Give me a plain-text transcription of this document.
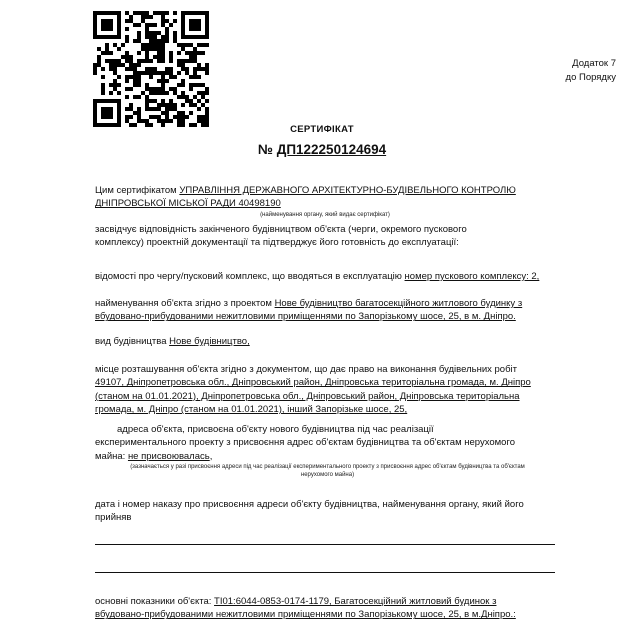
Додаток 7
до Порядку
СЕРТИФІКАТ
№ ДП122250124694
Цим сертифікатом УПРАВЛІННЯ ДЕРЖАВНОГО АРХІТЕКТУРНО-БУДІВЕЛЬНОГО КОНТРОЛЮ
ДНІПРОВСЬКОЇ МІСЬКОЇ РАДИ 40498190
(найменування органу, який видає сертифікат)
засвідчує відповідність закінченого будівництвом об'єкта (черги, окремого пускового
комплексу) проектній документації та підтверджує його готовність до експлуатації:
відомості про чергу/пусковий комплекс, що вводяться в експлуатацію номер пускового комплексу: 2,
найменування об'єкта згідно з проектом Нове будівництво багатосекційного житлового будинку з
вбудовано-прибудованими нежитловими приміщеннями по Запорізькому шосе, 25, в м. Дніпро.
вид будівництва Нове будівництво,
місце розташування об'єкта згідно з документом, що дає право на виконання будівельних робіт
49107, Дніпропетровська обл., Дніпровський район, Дніпровська територіальна громада, м. Дніпро
(станом на 01.01.2021), Дніпропетровська обл., Дніпровський район, Дніпровська територіальна
громада, м. Дніпро (станом на 01.01.2021), інший Запорізьке шосе, 25,
адреса об'єкта, присвоєна об'єкту нового будівництва під час реалізації
експериментального проекту з присвоєння адрес об'єктам будівництва та об'єктам нерухомого
майна: не присвоювалась,
(зазначається у разі присвоєння адреси під час реалізації експериментального проекту з присвоєння адрес об'єктам будівництва та об'єктам
нерухомого майна)
дата і номер наказу про присвоєння адреси об'єкту будівництва, найменування органу, який його
прийняв
основні показники об'єкта: ТІ01:6044-0853-0174-1179, Багатосекційний житловий будинок з
вбудовано-прибудованими нежитловими приміщеннями по Запорізькому шосе, 25, в м.Дніпро.:
